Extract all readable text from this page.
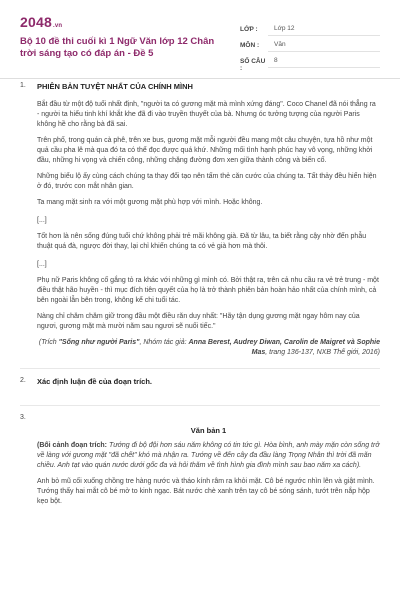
2048.vn
Bộ 10 đề thi cuối kì 1 Ngữ Văn lớp 12 Chân trời sáng tạo có đáp án - Đề 5
LỚP :	Lớp 12
MÔN :	Văn
SỐ CÂU :
8
1. PHIÊN BẢN TUYỆT NHẤT CỦA CHÍNH MÌNH
Bắt đầu từ một độ tuổi nhất định, "người ta có gương mặt mà mình xứng đáng". Coco Chanel đã nói thẳng ra - người ta hiểu tinh khí khắt khe đã đi vào truyền thuyết của bà. Nhưng óc tưởng tượng của người Paris không hề cho rằng bà đã sai.
Trên phố, trong quán cà phê, trên xe bus, gương mặt mỗi người đều mang một câu chuyện, tựa hồ như một quả cầu pha lê mà qua đó ta có thể đọc được quá khứ. Những mối tình hạnh phúc hay vô vọng, những khởi đầu, những hi vọng và chiến công, những chặng đường đơn xen giữa thành công và biến cố.
Những biểu lộ ấy cùng cách chúng ta thay đổi tạo nên tấm thẻ căn cước của chúng ta. Tất thảy đều hiển hiện ở đó, trước con mắt nhân gian.
Ta mang mặt sinh ra với một gương mặt phù hợp với mình. Hoặc không.
[...]
Tốt hơn là nên sống đúng tuổi chứ không phải trẻ mãi không già. Đã từ lâu, ta biết rằng cậy nhờ đến phẫu thuật quá đà, ngược đời thay, lại chỉ khiến chúng ta có vẻ già hơn mà thôi.
[...]
Phụ nữ Paris không cố gắng tỏ ra khác với những gì mình có. Bởi thật ra, trên cả nhu cầu ra vẻ trẻ trung - một điều thật hão huyền - thì mục đích tiên quyết của họ là trở thành phiên bản hoàn hảo nhất của chính mình, cả bên ngoài lẫn bên trong, không kể chi tuổi tác.
Nàng chỉ chăm chăm giữ trong đầu một điều răn duy nhất: "Hãy tận dụng gương mặt ngay hôm nay của ngươi, gương mặt mà mười năm sau ngươi sẽ nuối tiếc."
(Trích "Sống như người Paris", Nhóm tác giả: Anna Berest, Audrey Diwan, Carolin de Maigret và Sophie Mas, trang 136-137, NXB Thế giới, 2016)
2. Xác định luận đề của đoạn trích.
3.
Văn bản 1
(Bối cảnh đoạn trích: Tướng đi bộ đội hơn sáu năm không có tin tức gì. Hòa bình, anh mày mặn còn sống trở về làng với gương mặt "đã chết" khó mà nhận ra. Tướng về đến cây đa đầu làng Trọng Nhân thì trời đã mãn chiều. Anh tạt vào quán nước dưới gốc đa và hỏi thăm về tình hình gia đình mình sau bao năm xa cách).
Anh bỏ mũ cối xuống chồng tre hàng nước và tháo kính râm ra khỏi mặt. Cô bé ngước nhìn lên và giật mình. Tướng thấy hai mắt cô bé mở to kinh ngạc. Bát nước chè xanh trên tay cô bé sóng sánh, tướt trên nắp hộp kẹo bột.
